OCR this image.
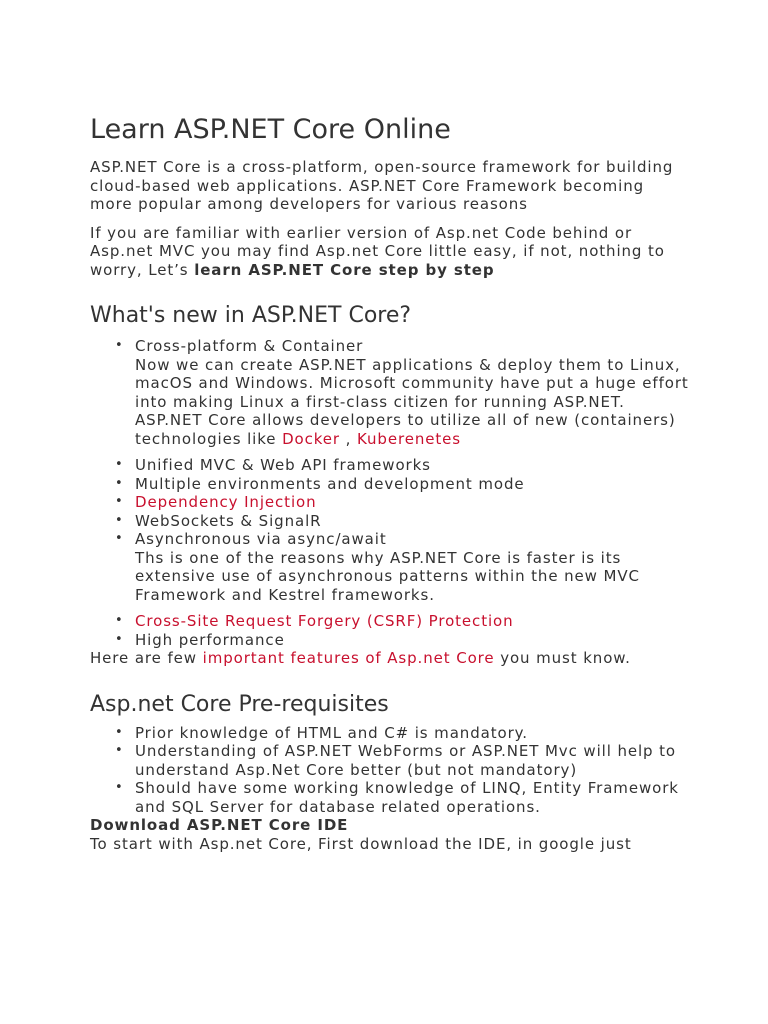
Learn ASP.NET Core Online

ASP.NET Core is a cross-platform, open-source framework for building cloud-based web applications. ASP.NET Core Framework becoming more popular among developers for various reasons

If you are familiar with earlier version of Asp.net Code behind or Asp.net MVC you may find Asp.net Core little easy, if not, nothing to worry, Let’s learn ASP.NET Core step by step

What's new in ASP.NET Core?
• Cross-platform & Container
Now we can create ASP.NET applications & deploy them to Linux, macOS and Windows. Microsoft community have put a huge effort into making Linux a first-class citizen for running ASP.NET.
ASP.NET Core allows developers to utilize all of new (containers) technologies like Docker , Kuberenetes
• Unified MVC & Web API frameworks
• Multiple environments and development mode
• Dependency Injection
• WebSockets & SignalR
• Asynchronous via async/await
Ths is one of the reasons why ASP.NET Core is faster is its extensive use of asynchronous patterns within the new MVC Framework and Kestrel frameworks.
• Cross-Site Request Forgery (CSRF) Protection
• High performance

Here are few important features of Asp.net Core you must know.

Asp.net Core Pre-requisites
• Prior knowledge of HTML and C# is mandatory.
• Understanding of ASP.NET WebForms or ASP.NET Mvc will help to understand Asp.Net Core better (but not mandatory)
• Should have some working knowledge of LINQ, Entity Framework and SQL Server for database related operations.

Download ASP.NET Core IDE

To start with Asp.net Core, First download the IDE, in google just
